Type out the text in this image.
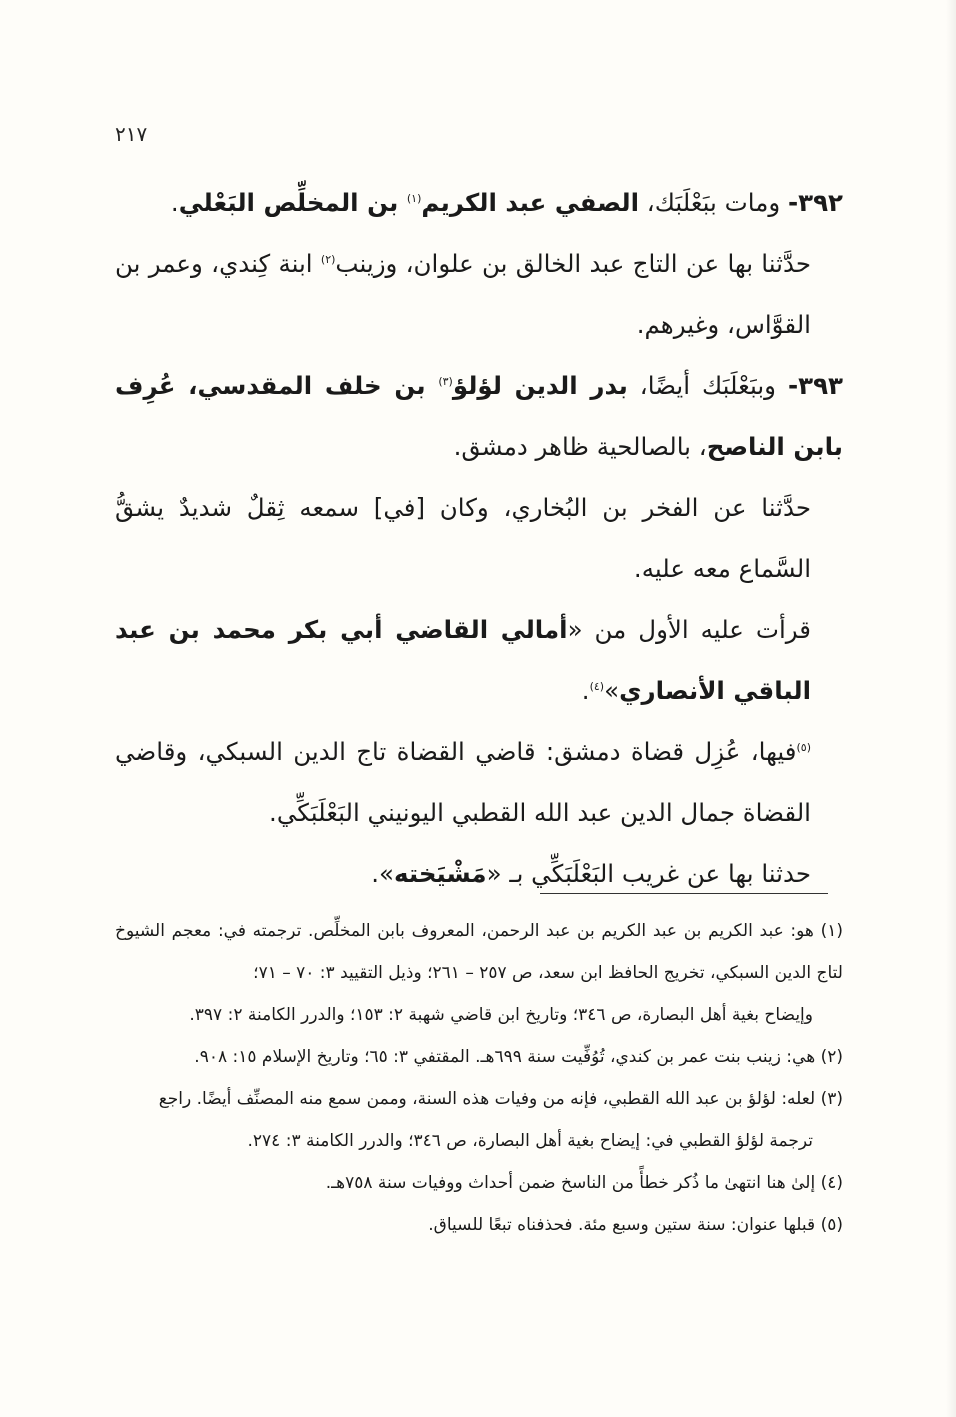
٢١٧

٣٩٢- ومات ببَعْلَبَك، الصفي عبد الكريم$^{(١)}$ بن المخلِّص البَعْلي.

حدَّثنا بها عن التاج عبد الخالق بن علوان، وزينب$^{(٢)}$ ابنة كِندي، وعمر بن القوَّاس، وغيرهم.

٣٩٣- وببَعْلَبَك أيضًا، بدر الدين لؤلؤ$^{(٣)}$ بن خلف المقدسي، عُرِف بابن الناصح، بالصالحية ظاهر دمشق.

حدَّثنا عن الفخر بن البُخاري، وكان [في] سمعه ثِقلٌ شديدٌ يشقُّ السَّماع معه عليه.

قرأت عليه الأول من «أمالي القاضي أبي بكر محمد بن عبد الباقي الأنصاري»$^{(٤)}$.

$^{(٥)}$فيها، عُزِل قضاة دمشق: قاضي القضاة تاج الدين السبكي، وقاضي القضاة جمال الدين عبد الله القطبي اليونيني البَعْلَبَكِّي.

حدثنا بها عن غريب البَعْلَبَكِّي بـ «مَشْيَخته».

(١) هو: عبد الكريم بن عبد الكريم بن عبد الرحمن، المعروف بابن المخلِّص. ترجمته في: معجم الشيوخ لتاج الدين السبكي، تخريج الحافظ ابن سعد، ص ٢٥٧ – ٢٦١؛ وذيل التقييد ٣: ٧٠ – ٧١؛

وإيضاح بغية أهل البصارة، ص ٣٤٦؛ وتاريخ ابن قاضي شهبة ٢: ١٥٣؛ والدرر الكامنة ٢: ٣٩٧.

(٢) هي: زينب بنت عمر بن كندي، تُوُفِّيت سنة ٦٩٩هـ. المقتفي ٣: ٦٥؛ وتاريخ الإسلام ١٥: ٩٠٨.

(٣) لعله: لؤلؤ بن عبد الله القطبي، فإنه من وفيات هذه السنة، وممن سمع منه المصنِّف أيضًا. راجع

ترجمة لؤلؤ القطبي في: إيضاح بغية أهل البصارة، ص ٣٤٦؛ والدرر الكامنة ٣: ٢٧٤.

(٤) إلىٰ هنا انتهىٰ ما ذُكر خطأً من الناسخ ضمن أحداث ووفيات سنة ٧٥٨هـ.

(٥) قبلها عنوان: سنة ستين وسبع مئة. فحذفناه تبعًا للسياق.
